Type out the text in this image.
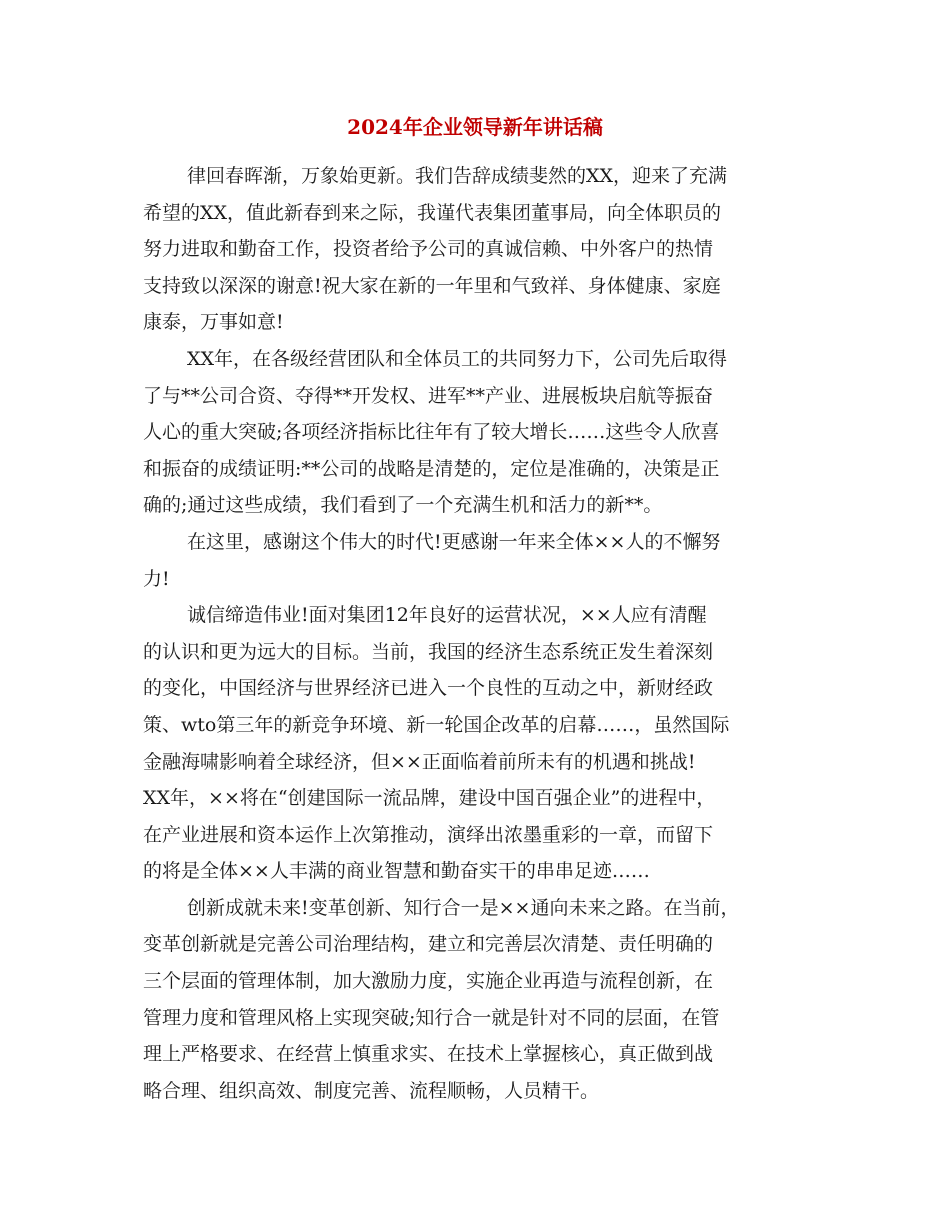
2024年企业领导新年讲话稿
律回春晖渐，万象始更新。我们告辞成绩斐然的XX，迎来了充满
希望的XX，值此新春到来之际，我谨代表集团董事局，向全体职员的
努力进取和勤奋工作，投资者给予公司的真诚信赖、中外客户的热情
支持致以深深的谢意!祝大家在新的一年里和气致祥、身体健康、家庭
康泰，万事如意!
XX年，在各级经营团队和全体员工的共同努力下，公司先后取得
了与**公司合资、夺得**开发权、进军**产业、进展板块启航等振奋
人心的重大突破;各项经济指标比往年有了较大增长……这些令人欣喜
和振奋的成绩证明:**公司的战略是清楚的，定位是准确的，决策是正
确的;通过这些成绩，我们看到了一个充满生机和活力的新**。
在这里，感谢这个伟大的时代!更感谢一年来全体××人的不懈努
力!
诚信缔造伟业!面对集团12年良好的运营状况，××人应有清醒
的认识和更为远大的目标。当前，我国的经济生态系统正发生着深刻
的变化，中国经济与世界经济已进入一个良性的互动之中，新财经政
策、wto第三年的新竞争环境、新一轮国企改革的启幕……，虽然国际
金融海啸影响着全球经济，但××正面临着前所未有的机遇和挑战!
XX年，××将在“创建国际一流品牌，建设中国百强企业”的进程中，
在产业进展和资本运作上次第推动，演绎出浓墨重彩的一章，而留下
的将是全体××人丰满的商业智慧和勤奋实干的串串足迹……
创新成就未来!变革创新、知行合一是××通向未来之路。在当前，
变革创新就是完善公司治理结构，建立和完善层次清楚、责任明确的
三个层面的管理体制，加大激励力度，实施企业再造与流程创新，在
管理力度和管理风格上实现突破;知行合一就是针对不同的层面，在管
理上严格要求、在经营上慎重求实、在技术上掌握核心，真正做到战
略合理、组织高效、制度完善、流程顺畅，人员精干。
